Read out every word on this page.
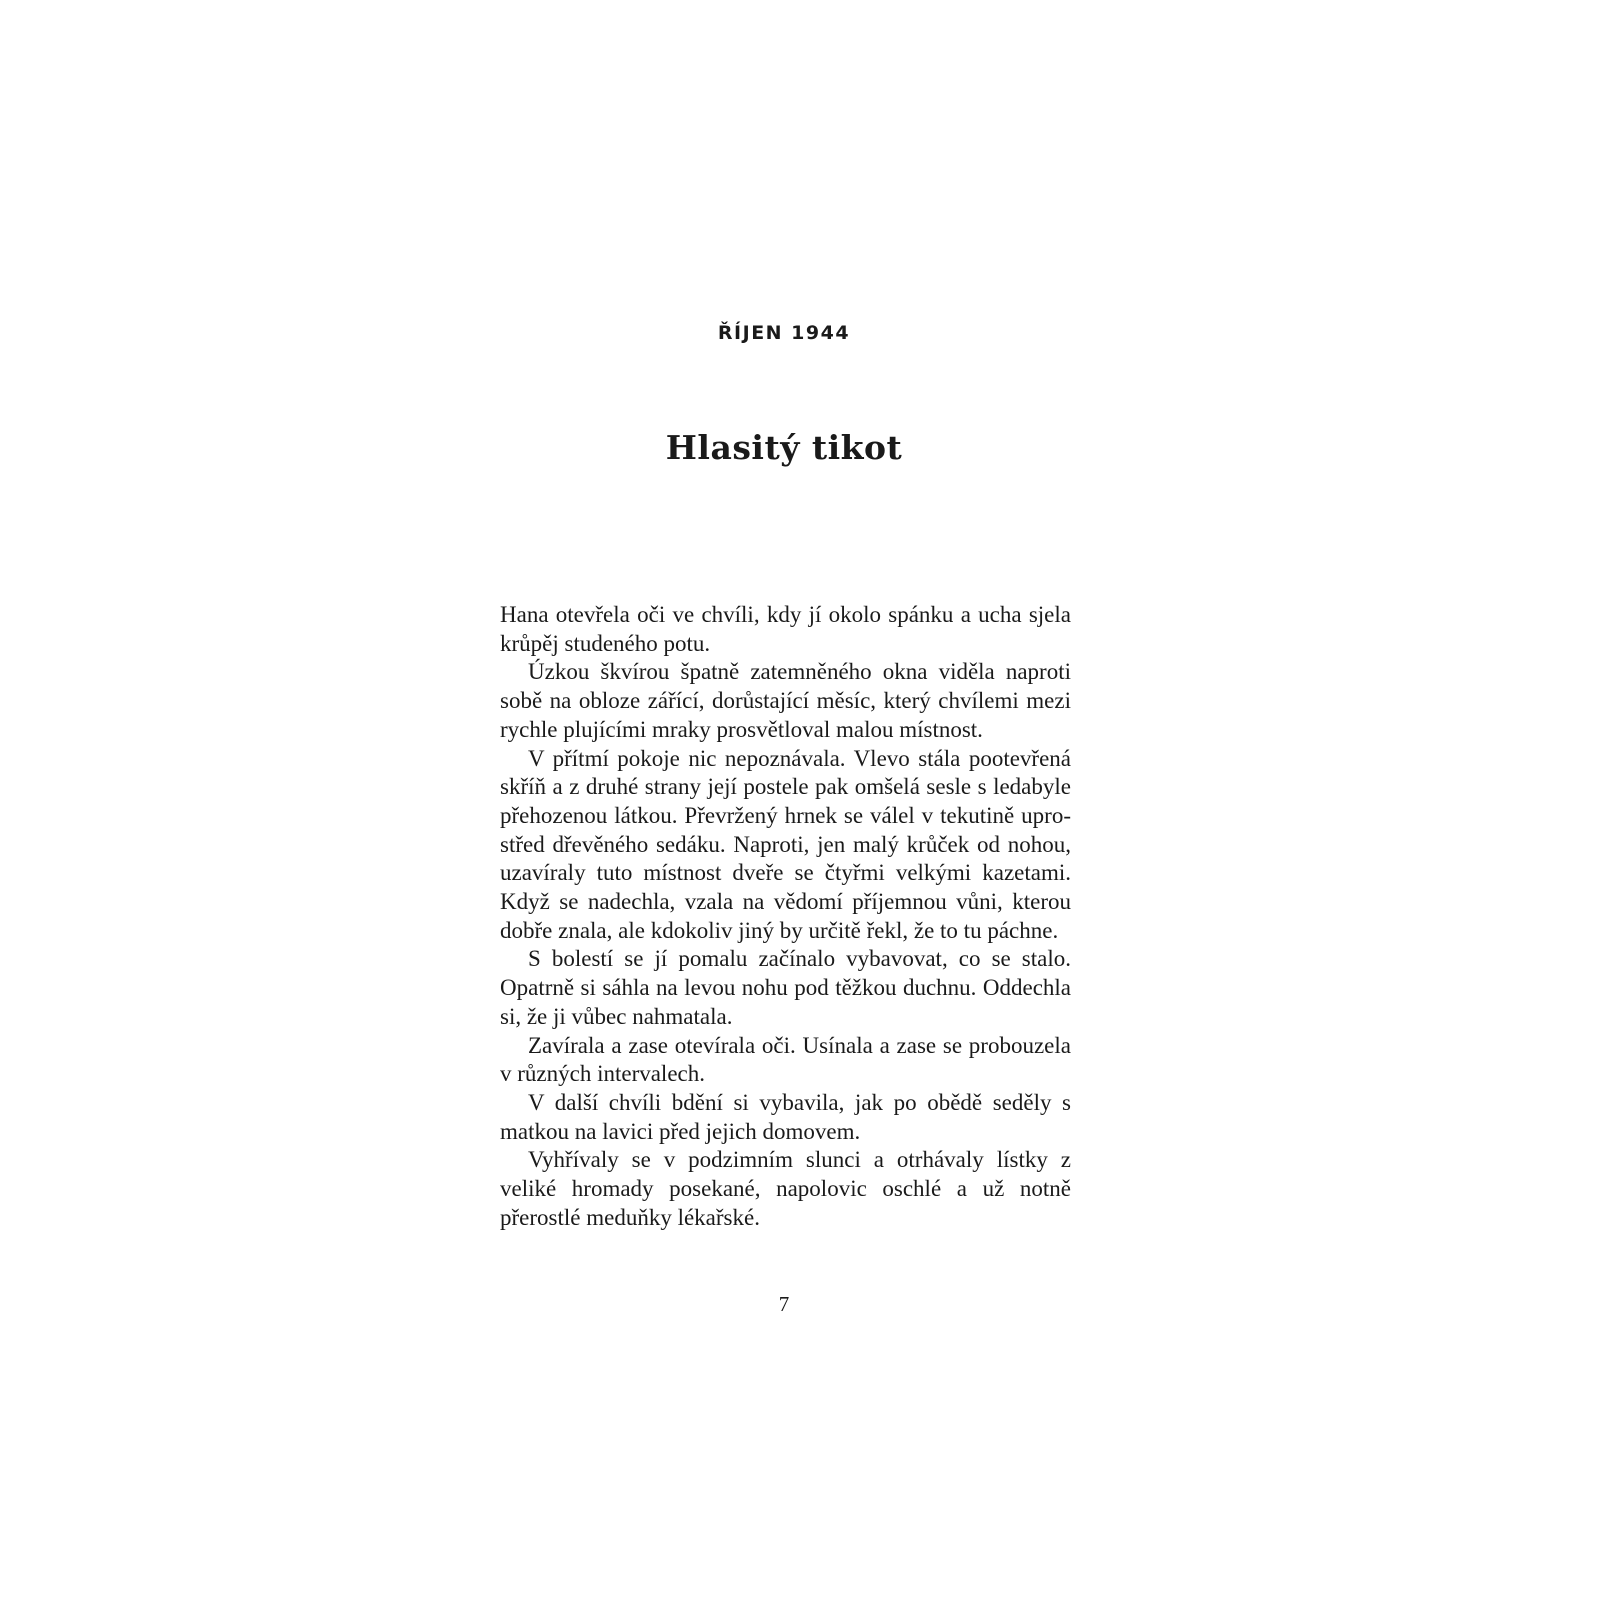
ŘÍJEN 1944
Hlasitý tikot

Hana otevřela oči ve chvíli, kdy jí okolo spánku a ucha sjela krůpěj studeného potu.

Úzkou škvírou špatně zatemněného okna viděla naproti sobě na obloze zářící, dorůstající měsíc, který chvílemi mezi rychle plujícími mraky prosvětloval malou místnost.

V přítmí pokoje nic nepoznávala. Vlevo stála pootevřená skříň a z druhé strany její postele pak omšelá sesle s ledabyle přehozenou látkou. Převržený hrnek se válel v tekutině uprostřed dřevěného sedáku. Naproti, jen malý krůček od nohou, uzavíraly tuto místnost dveře se čtyřmi velkými kazetami. Když se nadechla, vzala na vědomí příjemnou vůni, kterou dobře znala, ale kdokoliv jiný by určitě řekl, že to tu páchne.

S bolestí se jí pomalu začínalo vybavovat, co se stalo. Opatrně si sáhla na levou nohu pod těžkou duchnu. Oddechla si, že ji vůbec nahmatala.

Zavírala a zase otevírala oči. Usínala a zase se probouzela v různých intervalech.

V další chvíli bdění si vybavila, jak po obědě seděly s matkou na lavici před jejich domovem.

Vyhřívaly se v podzimním slunci a otrhávaly lístky z veliké hromady posekané, napolovic oschlé a už notně přerostlé meduňky lékařské.

7
